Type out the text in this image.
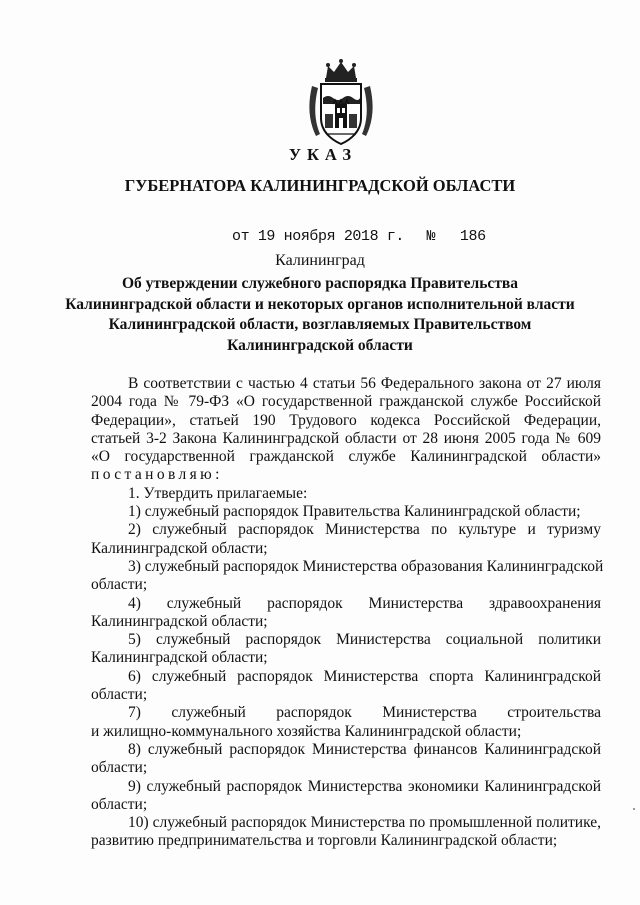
УКАЗ
ГУБЕРНАТОРА КАЛИНИНГРАДСКОЙ ОБЛАСТИ
от 19 ноября 2018 г. № 186
Калининград
Об утверждении служебного распорядка Правительства
Калининградской области и некоторых органов исполнительной власти
Калининградской области, возглавляемых Правительством
Калининградской области
В соответствии с частью 4 статьи 56 Федерального закона от 27 июля
2004 года № 79-ФЗ «О государственной гражданской службе Российской
Федерации», статьей 190 Трудового кодекса Российской Федерации,
статьей 3-2 Закона Калининградской области от 28 июня 2005 года № 609
«О государственной гражданской службе Калининградской области»
постановляю:
1. Утвердить прилагаемые:
1) служебный распорядок Правительства Калининградской области;
2) служебный распорядок Министерства по культуре и туризму
Калининградской области;
3) служебный распорядок Министерства образования Калининградской
области;
4) служебный распорядок Министерства здравоохранения
Калининградской области;
5) служебный распорядок Министерства социальной политики
Калининградской области;
6) служебный распорядок Министерства спорта Калининградской
области;
7) служебный распорядок Министерства строительства
и жилищно-коммунального хозяйства Калининградской области;
8) служебный распорядок Министерства финансов Калининградской
области;
9) служебный распорядок Министерства экономики Калининградской
области;
10) служебный распорядок Министерства по промышленной политике,
развитию предпринимательства и торговли Калининградской области;
